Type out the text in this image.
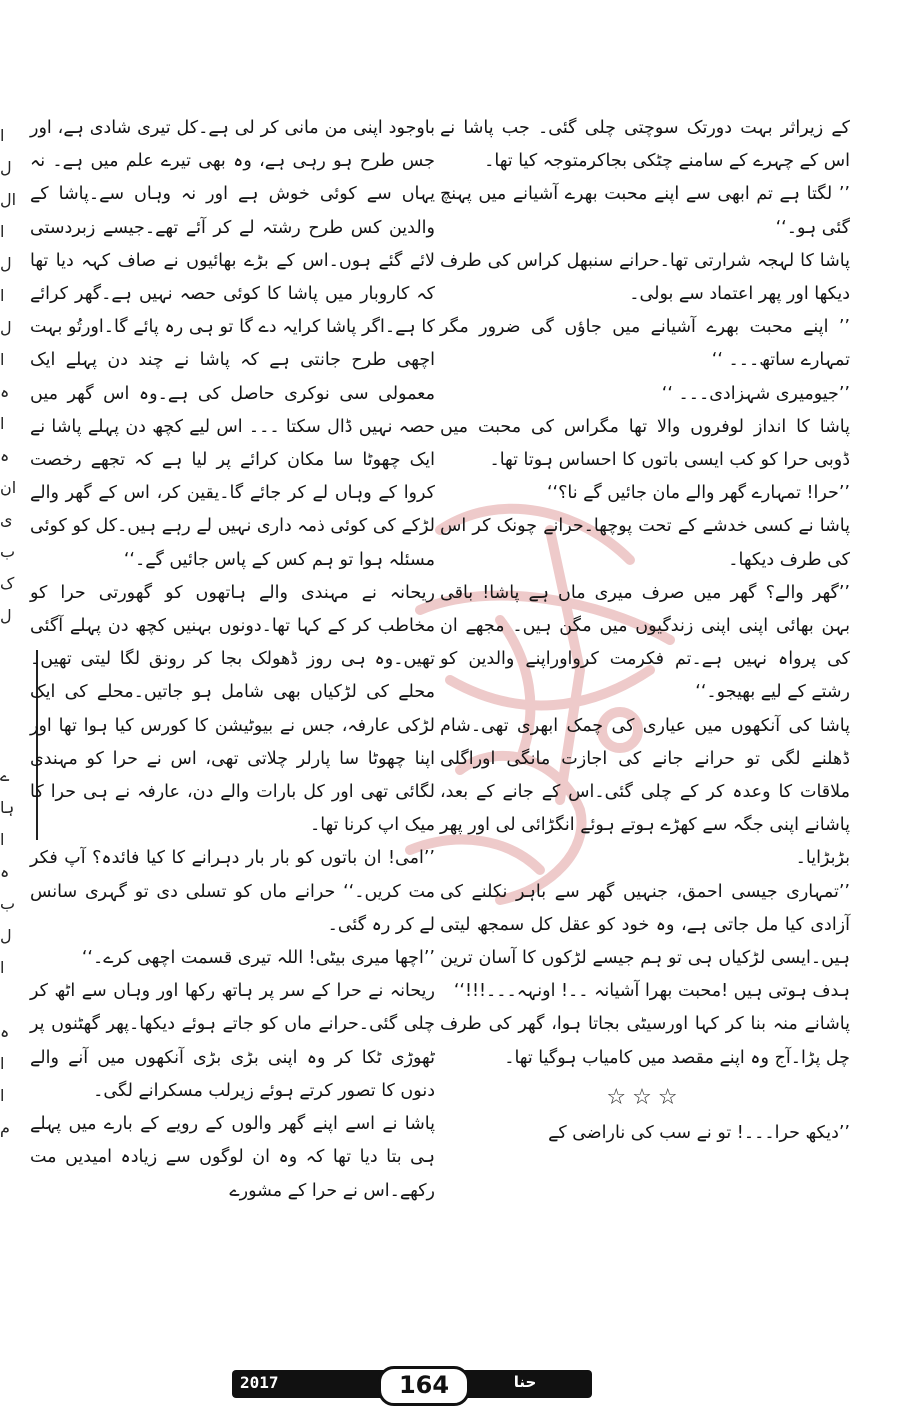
ا
ل
ال
ا
ل
ا
ل
ا
ہ
ا
ہ
ان
ی
ب
ک
ل
ے
ہا
ا
ہ
ب
ل
ا
ہ
ا
ا
م

کے زیراثر بہت دورتک سوچتی چلی گئی۔ جب پاشا نے اس کے چہرے کے سامنے چٹکی بجاکرمتوجہ کیا تھا۔

’’ لگتا ہے تم ابھی سے اپنے محبت بھرے آشیانے میں پہنچ گئی ہو۔‘‘

پاشا کا لہجہ شرارتی تھا۔حرانے سنبھل کراس کی طرف دیکھا اور پھر اعتماد سے بولی۔

’’ اپنے محبت بھرے آشیانے میں جاؤں گی ضرور مگر تمہارے ساتھ۔۔۔ ‘‘

’’جیومیری شہزادی۔۔۔ ‘‘

پاشا کا انداز لوفروں والا تھا مگراس کی محبت میں ڈوبی حرا کو کب ایسی باتوں کا احساس ہوتا تھا۔

’’حرا! تمہارے گھر والے مان جائیں گے نا؟‘‘

پاشا نے کسی خدشے کے تحت پوچھا۔حرانے چونک کر اس کی طرف دیکھا۔

’’گھر والے؟ گھر میں صرف میری ماں ہے پاشا! باقی بہن بھائی اپنی اپنی زندگیوں میں مگن ہیں۔ مجھے ان کی پرواہ نہیں ہے۔تم فکرمت کرواوراپنے والدین کو رشتے کے لیے بھیجو۔‘‘

پاشا کی آنکھوں میں عیاری کی چمک ابھری تھی۔شام ڈھلنے لگی تو حرانے جانے کی اجازت مانگی اوراگلی ملاقات کا وعدہ کر کے چلی گئی۔اس کے جانے کے بعد، پاشانے اپنی جگہ سے کھڑے ہوتے ہوئے انگڑائی لی اور پھر بڑبڑایا۔

’’تمہاری جیسی احمق، جنہیں گھر سے باہر نکلنے کی آزادی کیا مل جاتی ہے، وہ خود کو عقل کل سمجھ لیتی ہیں۔ایسی لڑکیاں ہی تو ہم جیسے لڑکوں کا آسان ترین ہدف ہوتی ہیں !محبت بھرا آشیانہ ۔۔! اونہہ۔۔۔!!!‘‘

پاشانے منہ بنا کر کہا اورسیٹی بجاتا ہوا، گھر کی طرف چل پڑا۔آج وہ اپنے مقصد میں کامیاب ہوگیا تھا۔

☆☆☆

’’دیکھ حرا۔۔۔! تو نے سب کی ناراضی کے

باوجود اپنی من مانی کر لی ہے۔کل تیری شادی ہے، اور جس طرح ہو رہی ہے، وہ بھی تیرے علم میں ہے۔ نہ یہاں سے کوئی خوش ہے اور نہ وہاں سے۔پاشا کے والدین کس طرح رشتہ لے کر آئے تھے۔جیسے زبردستی لائے گئے ہوں۔اس کے بڑے بھائیوں نے صاف کہہ دیا تھا کہ کاروبار میں پاشا کا کوئی حصہ نہیں ہے۔گھر کرائے کا ہے۔اگر پاشا کرایہ دے گا تو ہی رہ پائے گا۔اورتُو بہت اچھی طرح جانتی ہے کہ پاشا نے چند دن پہلے ایک معمولی سی نوکری حاصل کی ہے۔وہ اس گھر میں حصہ نہیں ڈال سکتا ۔۔۔ اس لیے کچھ دن پہلے پاشا نے ایک چھوٹا سا مکان کرائے پر لیا ہے کہ تجھے رخصت کروا کے وہاں لے کر جائے گا۔یقین کر، اس کے گھر والے لڑکے کی کوئی ذمہ داری نہیں لے رہے ہیں۔کل کو کوئی مسئلہ ہوا تو ہم کس کے پاس جائیں گے۔‘‘

ریحانہ نے مہندی والے ہاتھوں کو گھورتی حرا کو مخاطب کر کے کہا تھا۔دونوں بہنیں کچھ دن پہلے آگئی تھیں۔وہ ہی روز ڈھولک بجا کر رونق لگا لیتی تھیں۔ محلے کی لڑکیاں بھی شامل ہو جاتیں۔محلے کی ایک لڑکی عارفہ، جس نے بیوٹیشن کا کورس کیا ہوا تھا اور اپنا چھوٹا سا پارلر چلاتی تھی، اس نے حرا کو مہندی لگائی تھی اور کل بارات والے دن، عارفہ نے ہی حرا کا میک اپ کرنا تھا۔

’’امی! ان باتوں کو بار بار دہرانے کا کیا فائدہ؟ آپ فکر مت کریں۔‘‘ حرانے ماں کو تسلی دی تو گہری سانس لے کر رہ گئی۔

’’اچھا میری بیٹی! اللہ تیری قسمت اچھی کرے۔‘‘

ریحانہ نے حرا کے سر پر ہاتھ رکھا اور وہاں سے اٹھ کر چلی گئی۔حرانے ماں کو جاتے ہوئے دیکھا۔پھر گھٹنوں پر ٹھوڑی ٹکا کر وہ اپنی بڑی بڑی آنکھوں میں آنے والے دنوں کا تصور کرتے ہوئے زیرلب مسکرانے لگی۔

پاشا نے اسے اپنے گھر والوں کے رویے کے بارے میں پہلے ہی بتا دیا تھا کہ وہ ان لوگوں سے زیادہ امیدیں مت رکھے۔اس نے حرا کے مشورے

2017	164	حنا
